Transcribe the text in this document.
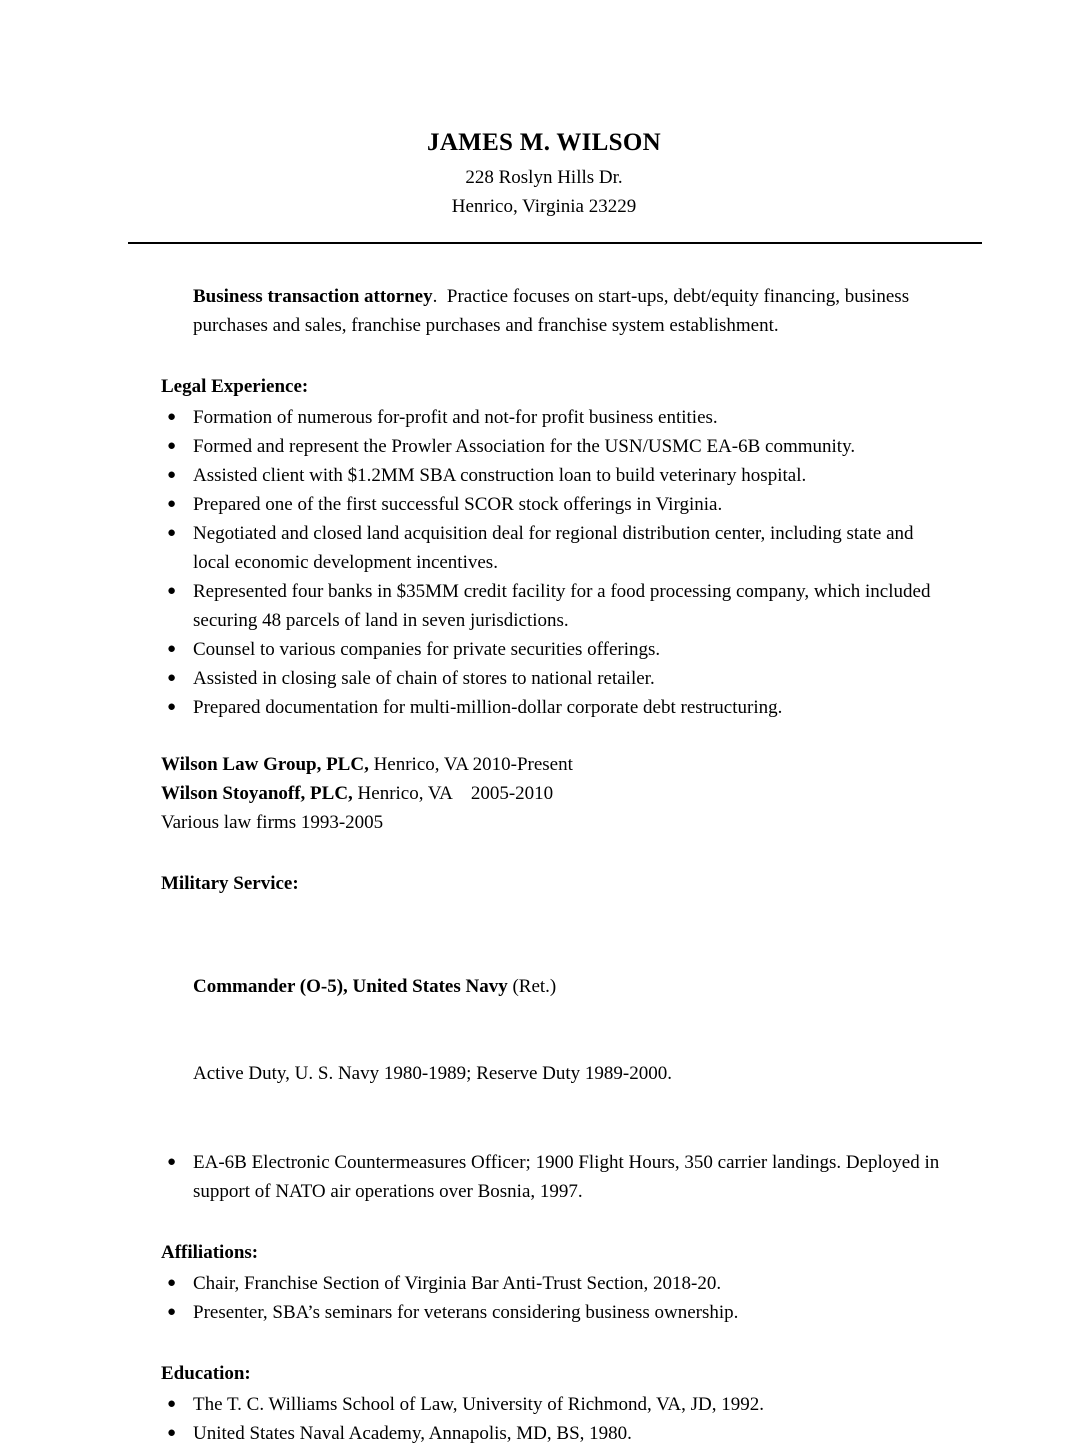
JAMES M. WILSON
228 Roslyn Hills Dr.
Henrico, Virginia 23229

Business transaction attorney.  Practice focuses on start-ups, debt/equity financing, business purchases and sales, franchise purchases and franchise system establishment.

Legal Experience:

● Formation of numerous for-profit and not-for profit business entities.
● Formed and represent the Prowler Association for the USN/USMC EA-6B community.
● Assisted client with $1.2MM SBA construction loan to build veterinary hospital.
● Prepared one of the first successful SCOR stock offerings in Virginia.
● Negotiated and closed land acquisition deal for regional distribution center, including state and local economic development incentives.
● Represented four banks in $35MM credit facility for a food processing company, which included securing 48 parcels of land in seven jurisdictions.
● Counsel to various companies for private securities offerings.
● Assisted in closing sale of chain of stores to national retailer.
● Prepared documentation for multi-million-dollar corporate debt restructuring.

Wilson Law Group, PLC, Henrico, VA 2010-Present

Wilson Stoyanoff, PLC, Henrico, VA    2005-2010

Various law firms 1993-2005

Military Service:

Commander (O-5), United States Navy (Ret.)

Active Duty, U. S. Navy 1980-1989; Reserve Duty 1989-2000.

● EA-6B Electronic Countermeasures Officer; 1900 Flight Hours, 350 carrier landings. Deployed in support of NATO air operations over Bosnia, 1997.

Affiliations:

● Chair, Franchise Section of Virginia Bar Anti-Trust Section, 2018-20.
● Presenter, SBA’s seminars for veterans considering business ownership.

Education:

● The T. C. Williams School of Law, University of Richmond, VA, JD, 1992.
● United States Naval Academy, Annapolis, MD, BS, 1980.
